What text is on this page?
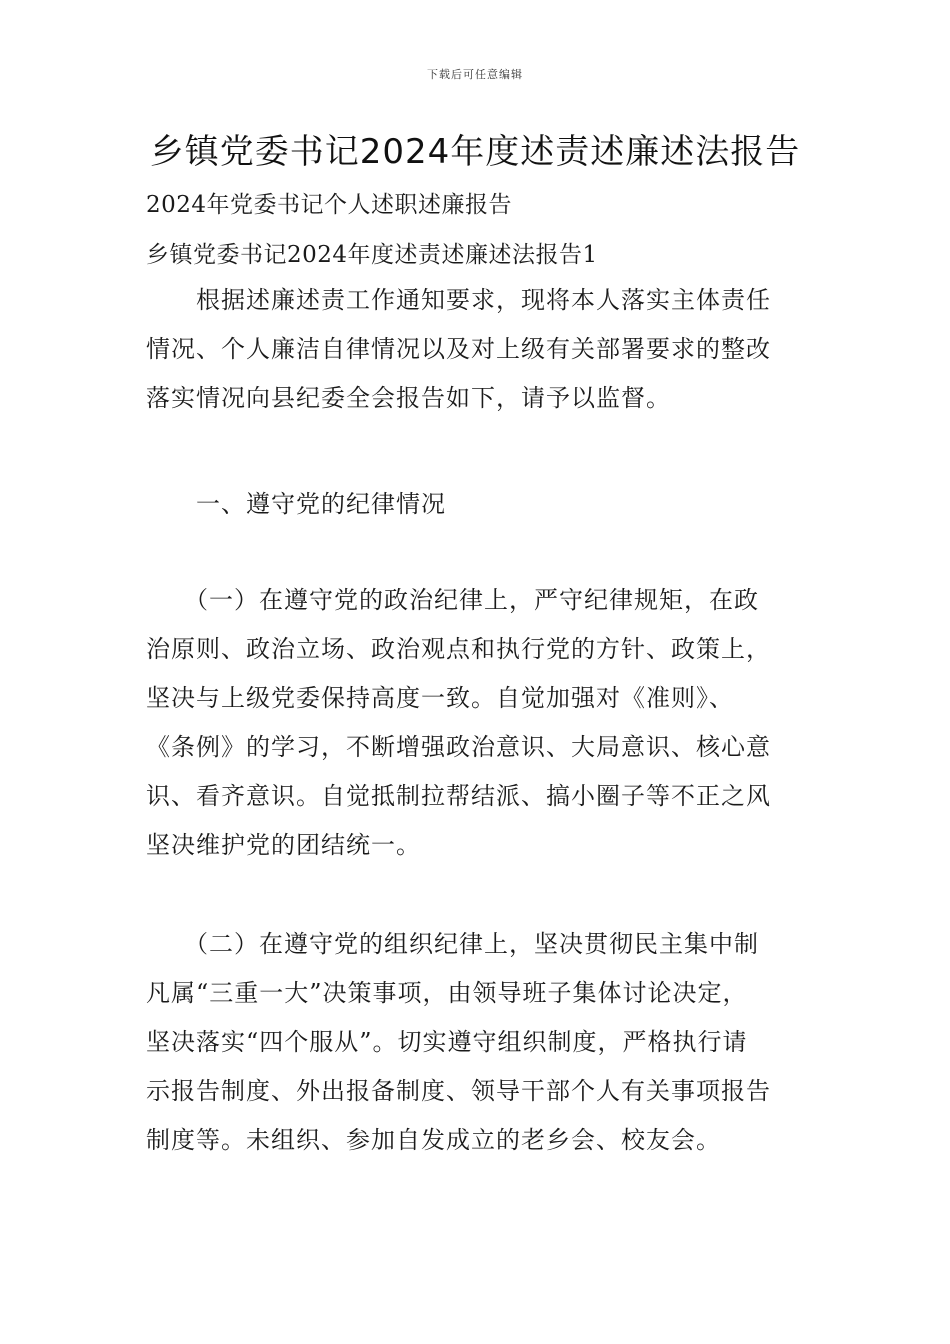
下载后可任意编辑
乡镇党委书记2024年度述责述廉述法报告
2024年党委书记个人述职述廉报告
乡镇党委书记2024年度述责述廉述法报告1
　　根据述廉述责工作通知要求，现将本人落实主体责任
情况、个人廉洁自律情况以及对上级有关部署要求的整改
落实情况向县纪委全会报告如下，请予以监督。
一、遵守党的纪律情况
　　（一）在遵守党的政治纪律上，严守纪律规矩，在政
治原则、政治立场、政治观点和执行党的方针、政策上，
坚决与上级党委保持高度一致。自觉加强对《准则》、
《条例》的学习，不断增强政治意识、大局意识、核心意
识、看齐意识。自觉抵制拉帮结派、搞小圈子等不正之风
坚决维护党的团结统一。
　　（二）在遵守党的组织纪律上，坚决贯彻民主集中制
凡属“三重一大”决策事项，由领导班子集体讨论决定，
坚决落实“四个服从”。切实遵守组织制度，严格执行请
示报告制度、外出报备制度、领导干部个人有关事项报告
制度等。未组织、参加自发成立的老乡会、校友会。
